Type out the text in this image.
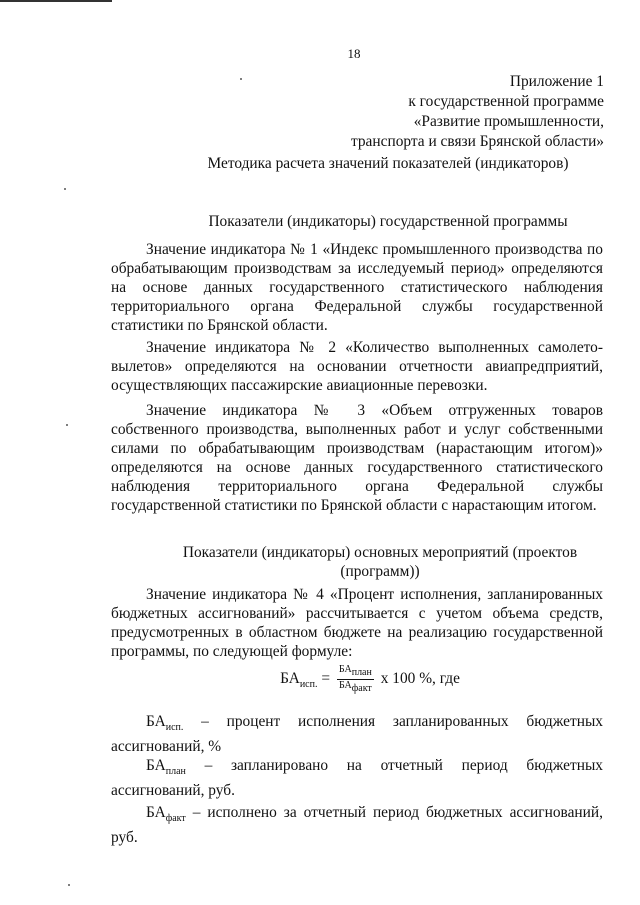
18
Приложение 1
к государственной программе
«Развитие промышленности,
транспорта и связи Брянской области»
Методика расчета значений показателей (индикаторов)
Показатели (индикаторы) государственной программы

Значение индикатора № 1 «Индекс промышленного производства по обрабатывающим производствам за исследуемый период» определяются на основе данных государственного статистического наблюдения территориального органа Федеральной службы государственной статистики по Брянской области.

Значение индикатора № 2 «Количество выполненных самолето-вылетов» определяются на основании отчетности авиапредприятий, осуществляющих пассажирские авиационные перевозки.

Значение индикатора № 3 «Объем отгруженных товаров собственного производства, выполненных работ и услуг собственными силами по обрабатывающим производствам (нарастающим итогом)» определяются на основе данных государственного статистического наблюдения территориального органа Федеральной службы государственной статистики по Брянской области с нарастающим итогом.

Показатели (индикаторы) основных мероприятий (проектов
(программ))

Значение индикатора № 4 «Процент исполнения, запланированных бюджетных ассигнований» рассчитывается с учетом объема средств, предусмотренных в областном бюджете на реализацию государственной программы, по следующей формуле:

$БА_{исп.} = \frac{БА_{план}}{БА_{факт}}$ x 100 %, где

$БА_{исп.}$ – процент исполнения запланированных бюджетных ассигнований, %

$БА_{план}$ – запланировано на отчетный период бюджетных ассигнований, руб.

$БА_{факт}$ – исполнено за отчетный период бюджетных ассигнований, руб.
